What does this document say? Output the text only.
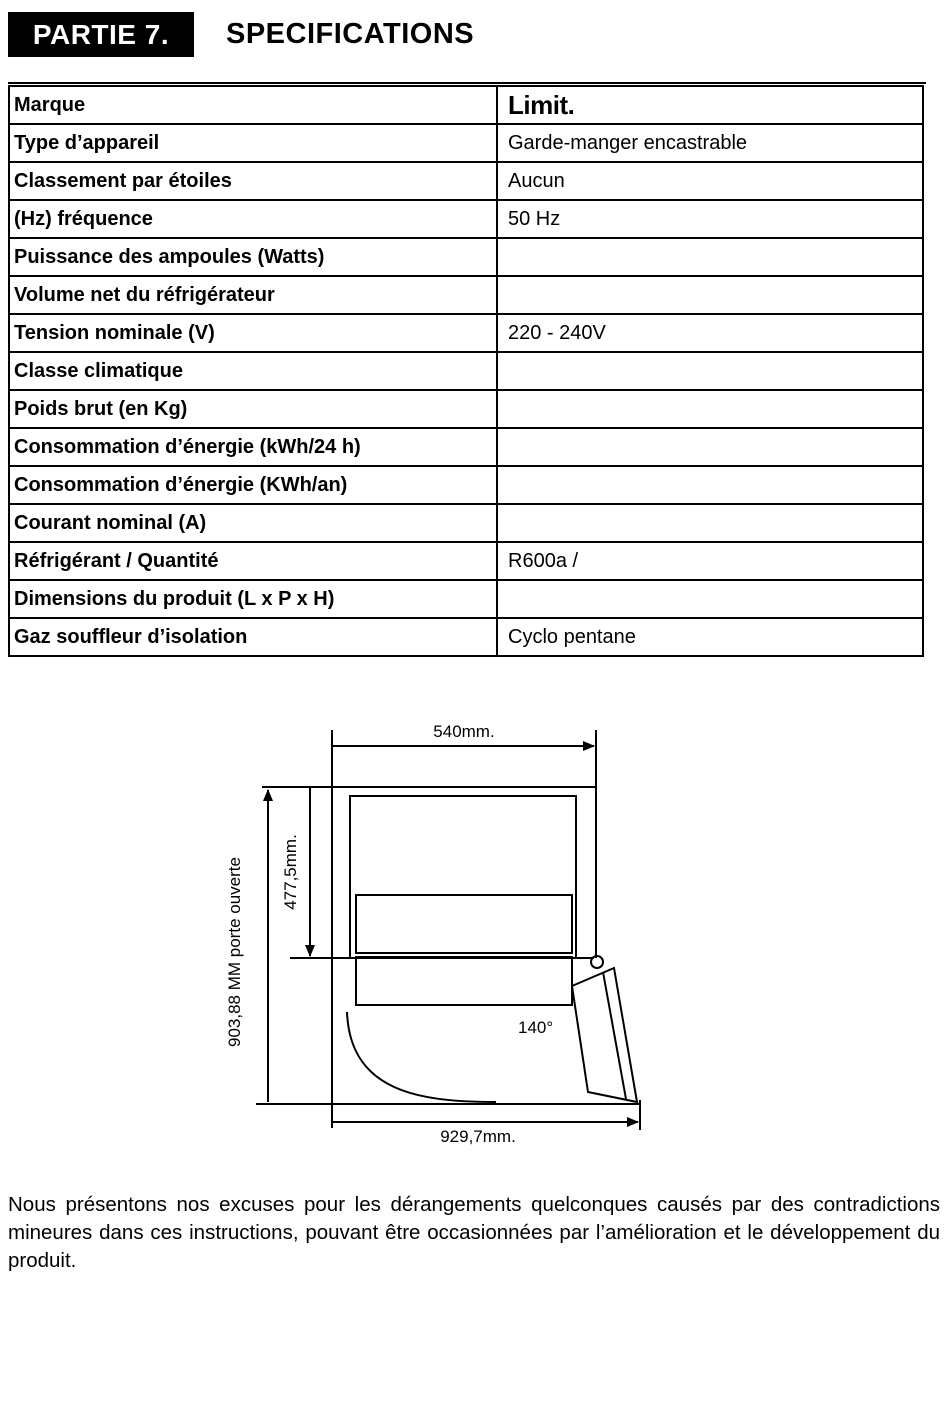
PARTIE 7.	SPECIFICATIONS
Marque	Limit.
Type d’appareil	Garde-manger encastrable
Classement par étoiles	Aucun
(Hz) fréquence	50 Hz
Puissance des ampoules (Watts)	
Volume net du réfrigérateur	
Tension nominale (V)	220 - 240V
Classe climatique	
Poids brut (en Kg)	
Consommation d’énergie (kWh/24 h)	
Consommation d’énergie (KWh/an)	
Courant nominal (A)	
Réfrigérant / Quantité	R600a /
Dimensions du produit (L x P x H)	
Gaz souffleur d’isolation	Cyclo pentane
540mm.
477,5mm.
903,88 MM porte ouverte	140°
929,7mm.

Nous présentons nos excuses pour les dérangements quelconques causés par des contradictions mineures dans ces instructions, pouvant être occasionnées par l’amélioration et le développement du produit.
